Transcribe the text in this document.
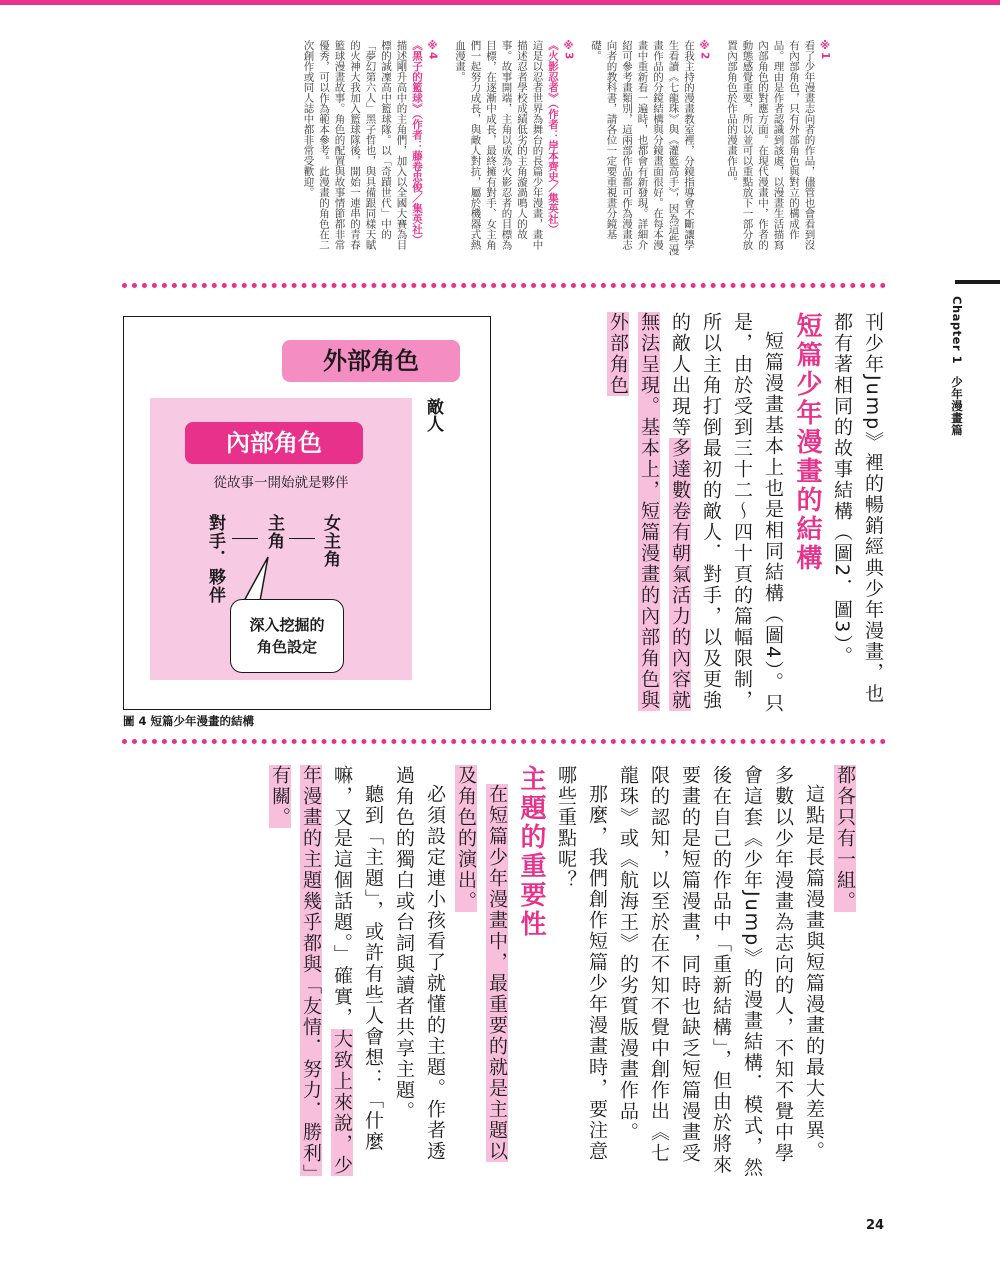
Chapter 1少年漫畫篇
※1
看了少年漫畫志向者的作品，儘管也會看到沒有內部角色，只有外部角色與對立的構成作品。理由是作者認識到該處，以漫畫生活描寫內部角色的對應方面。在現代漫畫中，作者的動態感覺重要，所以並可以重點放下一部分放置內部角色於作品的漫畫作品。
※2
在我主持的漫畫教室裡，分鏡指導會不斷讓學生看讀《七龍珠》與《灌籃高手》，因為這些漫畫作品的分鏡結構與分鏡畫面很好。在每本漫畫中重新看一遍時，也都會有新發現。詳細介紹可參考畫類別，這兩部作品都可作為漫畫志向者的教科書，請各位一定要重視畫分鏡基礎。
※3
《火影忍者》（作者：岸本齊史／集英社）
這是以忍者世界為舞台的長篇少年漫畫，畫中描述忍者學校成績低劣的主角漩渦鳴人的故事。故事開端，主角以成為火影忍者的目標為目標，在逐漸中成長，最終擁有對手、女主角們一起努力成長，與敵人對抗，屬於機器式熱血漫畫。
※4
《黑子的籃球》（作者：藤卷忠俊／集英社）
描述剛升高中的主角們，加入以全國大賽為目標的誠凜高中籃球隊。以「奇蹟世代」中的「夢幻第六人」黑子哲也，與具備跟同樣天賦的火神大我加入籃球隊後，開始一連串的青春籃球漫畫故事。角色的配置與故事情節都非常優秀，可以作為範本參考。此漫畫的角色在二次創作或同人誌中都非常受歡迎。
刊少年Jump》裡的暢銷經典少年漫畫，也都有著相同的故事結構（圖2．圖3）。
短篇少年漫畫的結構
短篇漫畫基本上也是相同結構（圖4）。只是，由於受到三十二～四十頁的篇幅限制，所以主角打倒最初的敵人．對手，以及更強的敵人出現等多達數卷有朝氣活力的內容就無法呈現。基本上，短篇漫畫的內部角色與外部角色
外部角色
敵人
內部角色
從故事一開始就是夥伴
女主角
主角
對手．夥伴
深入挖掘的
角色設定
圖 4 短篇少年漫畫的結構
都各只有一組。
這點是長篇漫畫與短篇漫畫的最大差異。多數以少年漫畫為志向的人，不知不覺中學會這套《少年Jump》的漫畫結構．模式，然後在自己的作品中「重新結構」，但由於將來要畫的是短篇漫畫，同時也缺乏短篇漫畫受限的認知，以至於在不知不覺中創作出《七龍珠》或《航海王》的劣質版漫畫作品。
那麼，我們創作短篇少年漫畫時，要注意哪些重點呢？
主題的重要性
在短篇少年漫畫中，最重要的就是主題以及角色的演出。
必須設定連小孩看了就懂的主題。作者透過角色的獨白或台詞與讀者共享主題。
聽到「主題」，或許有些人會想：「什麼嘛，又是這個話題。」確實，大致上來說，少年漫畫的主題幾乎都與「友情．努力．勝利」有關。
24
